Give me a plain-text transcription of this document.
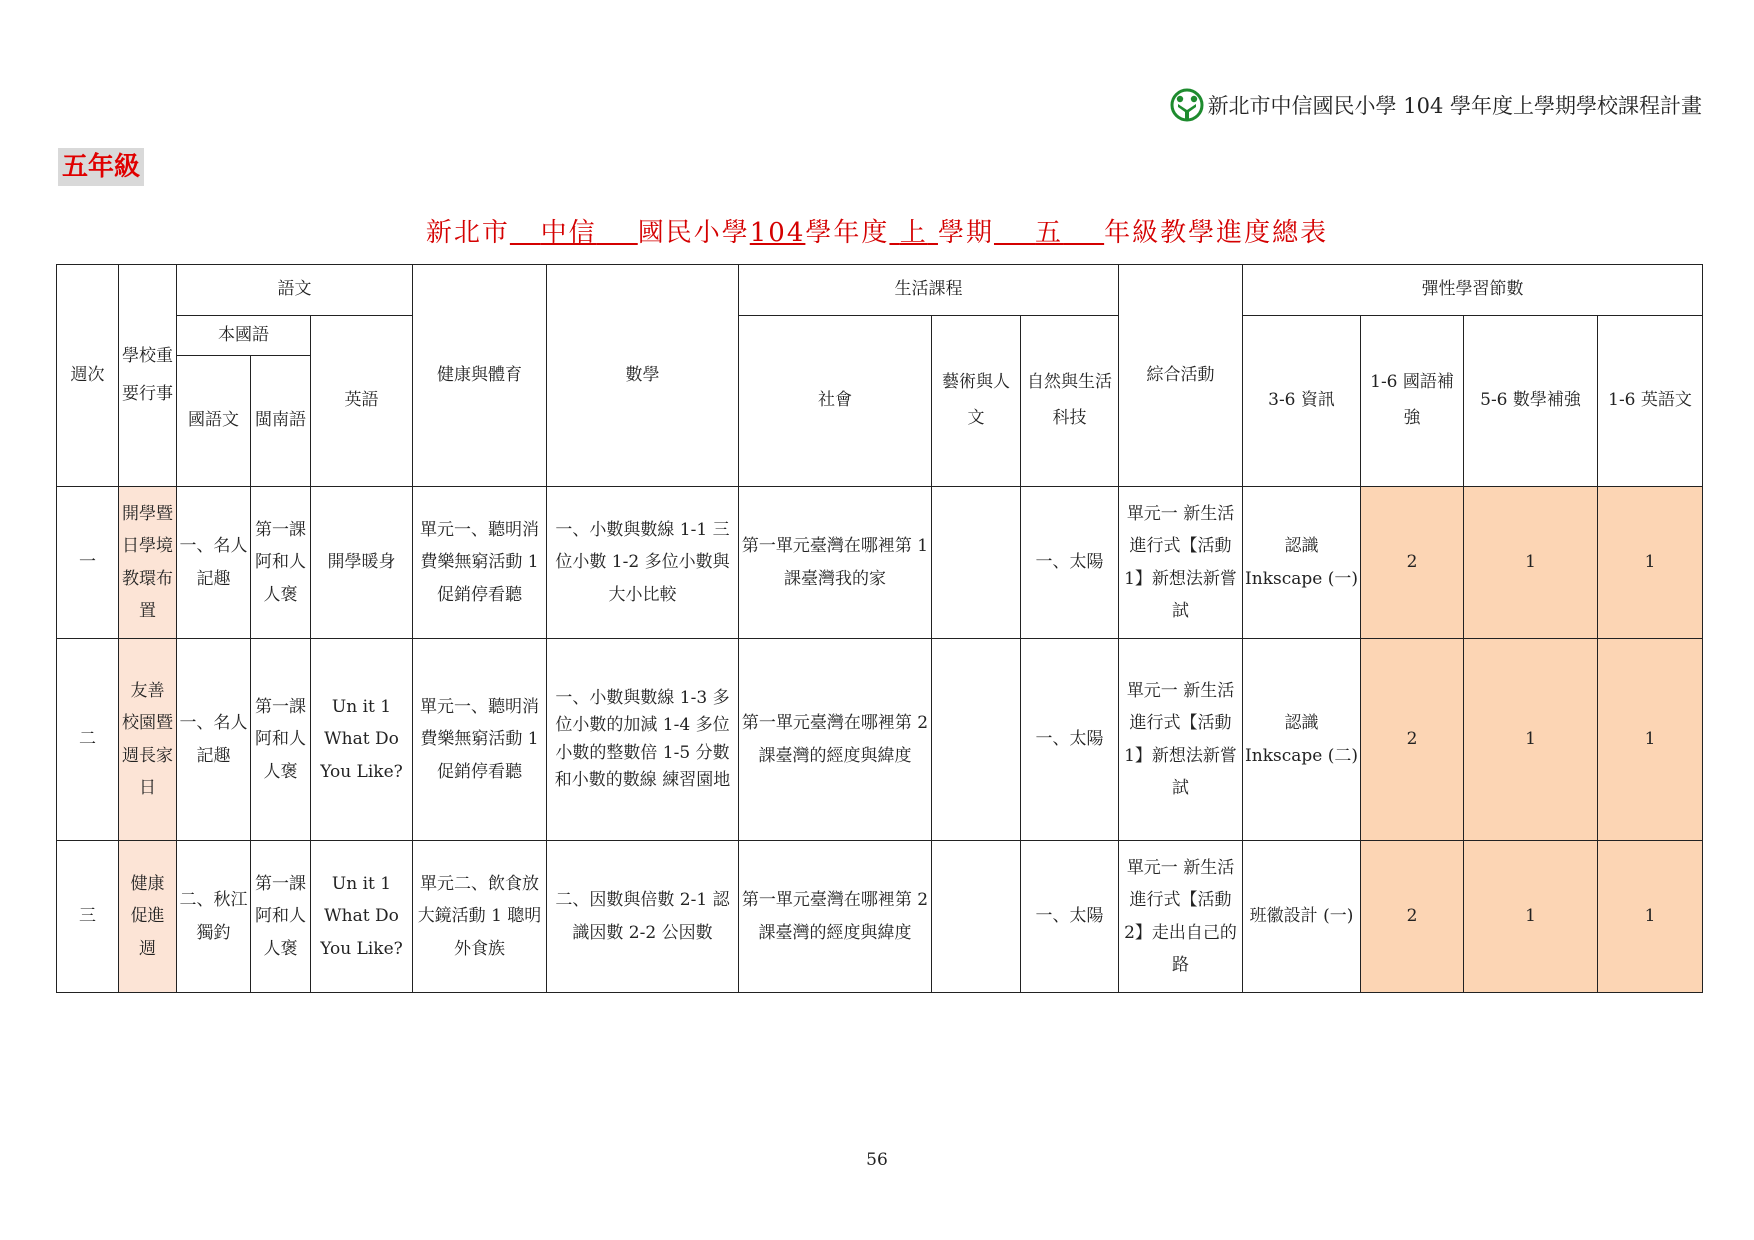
新北市中信國民小學 104 學年度上學期學校課程計畫
五年級
新北市 中信 國民小學104學年度 上 學期 五 年級教學進度總表
週次	學校重要行事	語文			健康與體育	數學	生活課程			綜合活動	彈性學習節數			
		本國語		英語			社會	藝術與人文	自然與生活科技		3-6 資訊	1-6 國語補強	5-6 數學補強	1-6 英語文
		國語文	閩南語											
一	開學暨 日學境 教環布 置	一、名人記趣	第一課 阿和人 人褒	開學暖身	單元一、聽明消費樂無窮活動 1 促銷停看聽	一、小數與數線 1-1 三位小數 1-2 多位小數與大小比較	第一單元臺灣在哪裡第 1 課臺灣我的家		一、太陽	單元一 新生活進行式【活動 1】新想法新嘗試	認識 Inkscape (一)	2	1	1
二	友善 校園暨 週長家 日	一、名人記趣	第一課 阿和人 人褒	Un it 1 What Do You Like?	單元一、聽明消費樂無窮活動 1 促銷停看聽	一、小數與數線 1-3 多位小數的加減 1-4 多位小數的整數倍 1-5 分數和小數的數線 練習園地	第一單元臺灣在哪裡第 2 課臺灣的經度與緯度		一、太陽	單元一 新生活進行式【活動 1】新想法新嘗試	認識 Inkscape (二)	2	1	1
三	健康 促進 週	二、秋江獨釣	第一課 阿和人 人褒	Un it 1 What Do You Like?	單元二、飲食放大鏡活動 1 聰明外食族	二、因數與倍數 2-1 認識因數 2-2 公因數	第一單元臺灣在哪裡第 2 課臺灣的經度與緯度		一、太陽	單元一 新生活進行式【活動 2】走出自己的路	班徽設計 (一)	2	1	1
56
